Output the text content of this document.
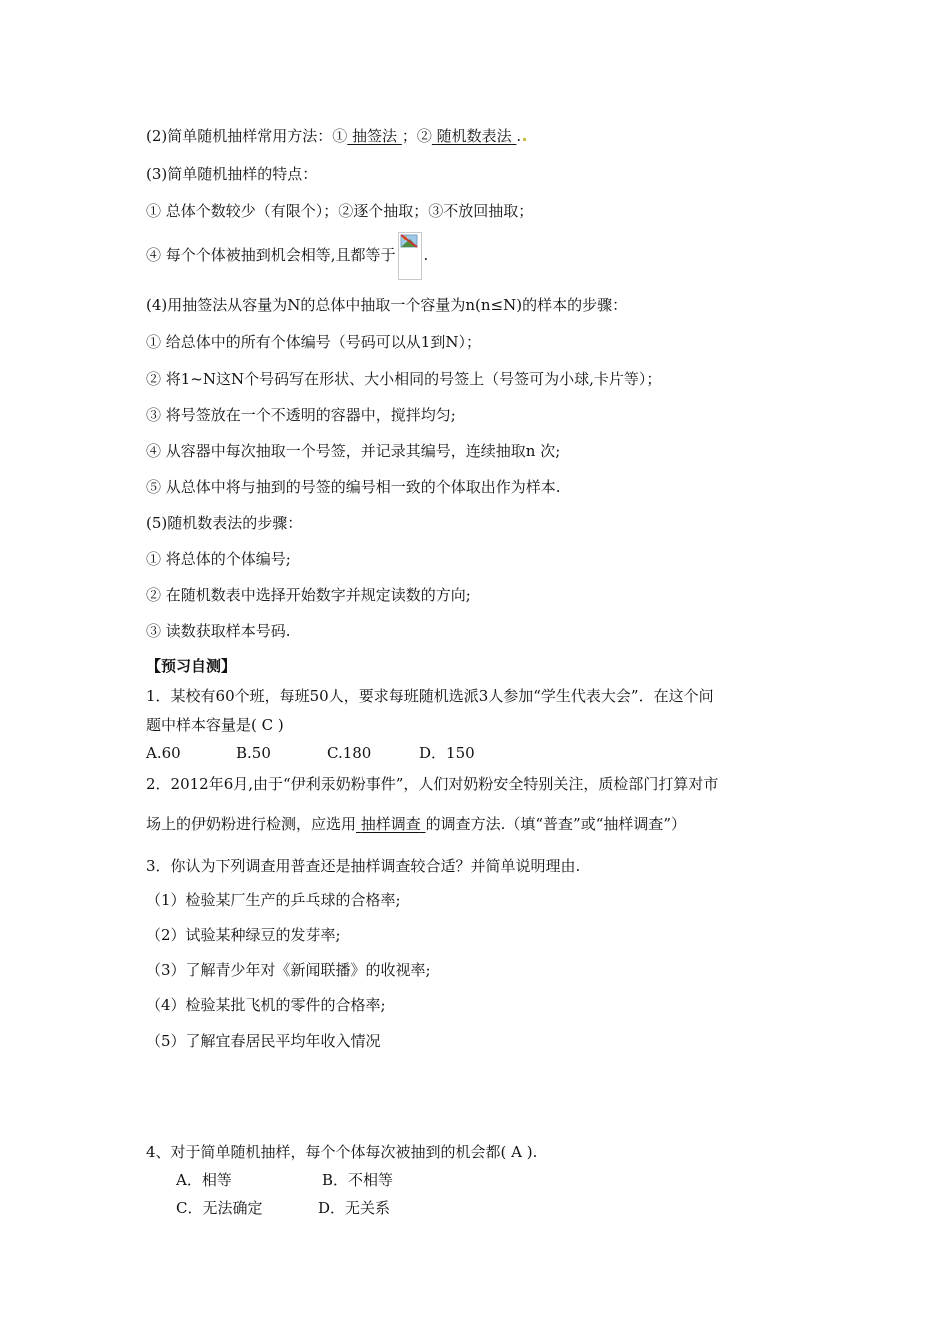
(2)简单随机抽样常用方法：① 抽签法 ；② 随机数表法 .
(3)简单随机抽样的特点：
① 总体个数较少（有限个）；②逐个抽取；③不放回抽取；
④ 每个个体被抽到机会相等,且都等于 .
(4)用抽签法从容量为N的总体中抽取一个容量为n(n≤N)的样本的步骤：
① 给总体中的所有个体编号（号码可以从1到N）；
② 将1~N这N个号码写在形状、大小相同的号签上（号签可为小球,卡片等）；
③ 将号签放在一个不透明的容器中，搅拌均匀;
④ 从容器中每次抽取一个号签，并记录其编号，连续抽取n 次;
⑤ 从总体中将与抽到的号签的编号相一致的个体取出作为样本.
(5)随机数表法的步骤：
① 将总体的个体编号;
② 在随机数表中选择开始数字并规定读数的方向;
③ 读数获取样本号码.
【预习自测】
1．某校有60个班，每班50人，要求每班随机选派3人参加“学生代表大会”．在这个问
题中样本容量是( C )
A.60	B.50	C.180	D．150
2．2012年6月,由于“伊利汞奶粉事件”，人们对奶粉安全特别关注，质检部门打算对市
场上的伊奶粉进行检测，应选用 抽样调查 的调查方法.（填“普查”或“抽样调查”）
3．你认为下列调查用普查还是抽样调查较合适？并简单说明理由.
（1）检验某厂生产的乒乓球的合格率;
（2）试验某种绿豆的发芽率;
（3）了解青少年对《新闻联播》的收视率;
（4）检验某批飞机的零件的合格率;
（5）了解宜春居民平均年收入情况
4、对于简单随机抽样，每个个体每次被抽到的机会都( A ).
A．相等	B．不相等
C．无法确定	D．无关系
